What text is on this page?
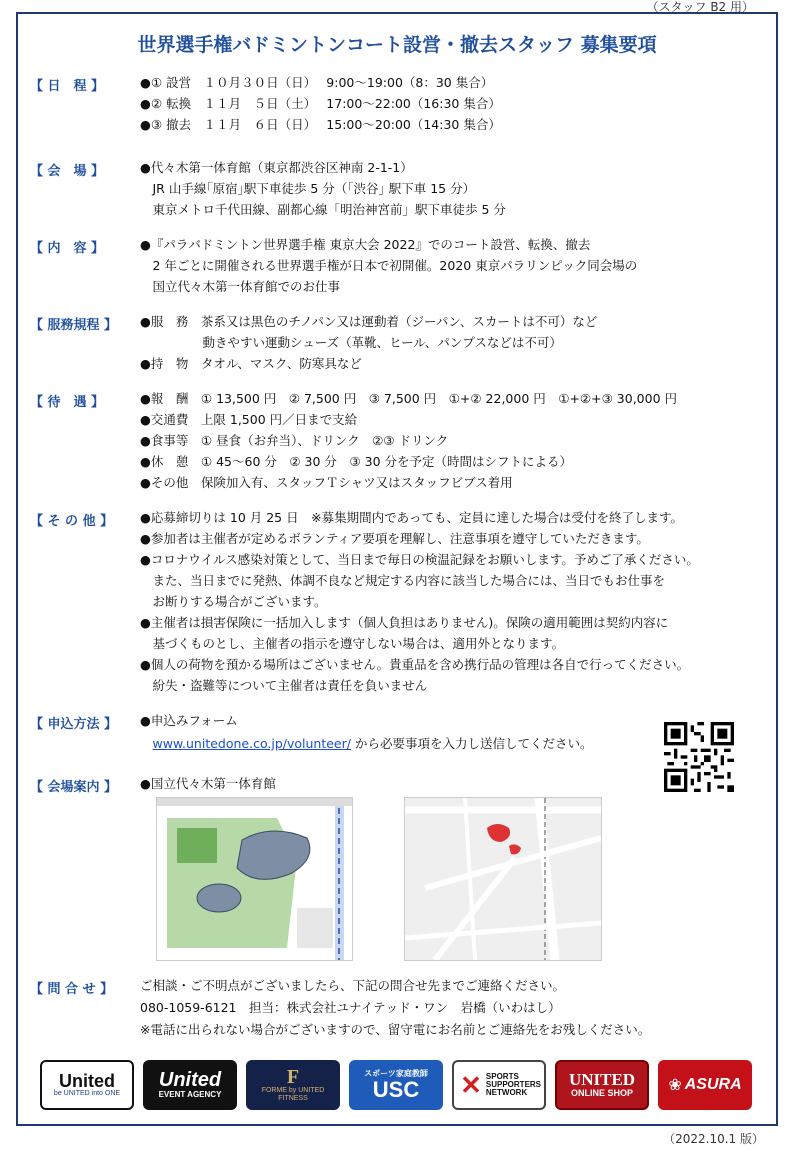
（スタッフ B2 用）
世界選手権バドミントンコート設営・撤去スタッフ 募集要項
【 日　程 】	●① 設営　１０月３０日（日）　 9:00～19:00（8：30 集合）
●② 転換　１１月　５日（土）　 17:00～22:00（16:30 集合）
●③ 撤去　１１月　６日（日）　 15:00～20:00（14:30 集合）
【 会　場 】	●代々木第一体育館（東京都渋谷区神南 2-1-1）
　JR 山手線｢原宿｣駅下車徒歩 5 分（｢渋谷｣ 駅下車 15 分）
　東京メトロ千代田線、副都心線「明治神宮前」駅下車徒歩 5 分
【 内　容 】	●『パラバドミントン世界選手権 東京大会 2022』でのコート設営、転換、撤去
　2 年ごとに開催される世界選手権が日本で初開催。2020 東京パラリンピック同会場の
　国立代々木第一体育館でのお仕事
【 服務規程 】	●服　務　茶系又は黒色のチノパン又は運動着（ジーパン、スカートは不可）など
　　　　　動きやすい運動シューズ（革靴、ヒール、パンプスなどは不可）
●持　物　タオル、マスク、防寒具など
【 待　遇 】	●報　酬　① 13,500 円　② 7,500 円　③ 7,500 円　①+② 22,000 円　①+②+③ 30,000 円
●交通費　上限 1,500 円／日まで支給
●食事等　① 昼食（お弁当）、ドリンク　②③ ドリンク
●休　憩　① 45～60 分　② 30 分　③ 30 分を予定（時間はシフトによる）
●その他　保険加入有、スタッフＴシャツ又はスタッフビブス着用
【 そ の 他 】	●応募締切りは 10 月 25 日　※募集期間内であっても、定員に達した場合は受付を終了します。
●参加者は主催者が定めるボランティア要項を理解し、注意事項を遵守していただきます。
●コロナウイルス感染対策として、当日まで毎日の検温記録をお願いします。予めご了承ください。
　また、当日までに発熱、体調不良など規定する内容に該当した場合には、当日でもお仕事を
　お断りする場合がございます。
●主催者は損害保険に一括加入します（個人負担はありません)。保険の適用範囲は契約内容に
　基づくものとし、主催者の指示を遵守しない場合は、適用外となります。
●個人の荷物を預かる場所はございません。貴重品を含め携行品の管理は各自で行ってください。
　紛失・盗難等について主催者は責任を負いません
【 申込方法 】	●申込みフォーム
　www.unitedone.co.jp/volunteer/ から必要事項を入力し送信してください。
【 会場案内 】	●国立代々木第一体育館
【 問 合 せ 】	ご相談・ご不明点がございましたら、下記の問合せ先までご連絡ください。
080-1059-6121　担当：株式会社ユナイテッド・ワン　岩橋（いわはし）
※電話に出られない場合がございますので、留守電にお名前とご連絡先をお残しください。
United
be UNITED into ONE
United
EVENT AGENCY
F
FORME by UNITED FITNESS
スポーツ家庭教師
USC ✕ SPORTS SUPPORTERS NETWORK
UNITED
ONLINE SHOP ❀ ASURA
（2022.10.1 版）
